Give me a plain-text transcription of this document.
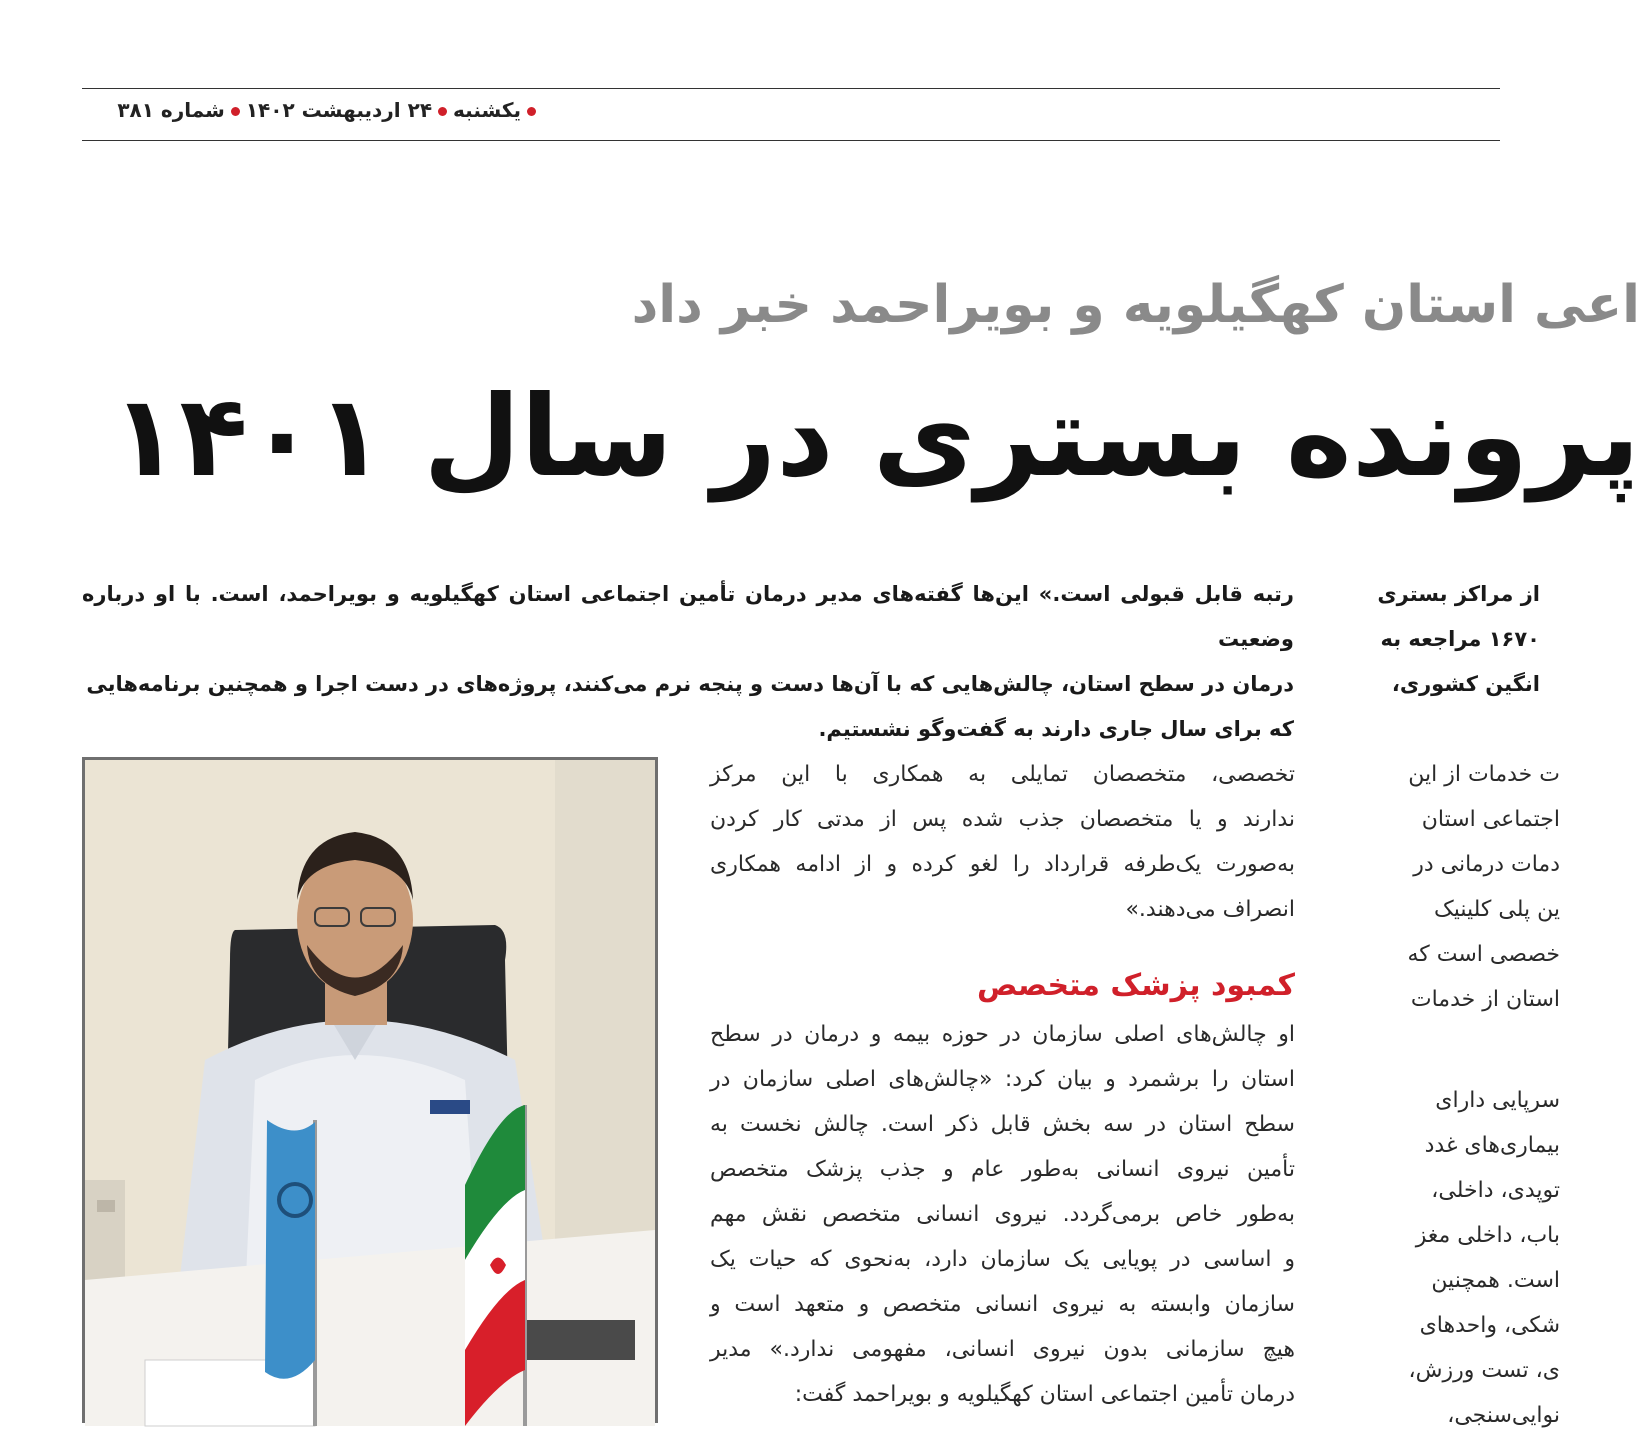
یکشنبه۲۴ اردیبهشت ۱۴۰۲شماره ۳۸۱
اعی استان کهگیلویه و بویراحمد خبر داد
پرونده بستری در سال ۱۴۰۱

رتبه قابل قبولی است.» این‌ها گفته‌های مدیر درمان تأمین اجتماعی استان کهگیلویه و بویراحمد، است. با او درباره وضعیت

درمان در سطح استان، چالش‌هایی که با آن‌ها دست و پنجه نرم می‌کنند، پروژه‌های در دست اجرا و همچنین برنامه‌هایی

که برای سال جاری دارند به گفت‌وگو نشستیم.

از مراکز بستری
۱۶۷۰ مراجعه به
انگین کشوری،
تخصصی، متخصصان تمایلی به همکاری با این مرکز
ندارند و یا متخصصان جذب شده پس از مدتی کار کردن
به‌صورت یک‌طرفه قرارداد را لغو کرده و از ادامه همکاری
انصراف می‌دهند.»
کمبود پزشک متخصص
او چالش‌های اصلی سازمان در حوزه بیمه و درمان در سطح
استان را برشمرد و بیان کرد: «چالش‌های اصلی سازمان در
سطح استان در سه بخش قابل ذکر است. چالش نخست به
تأمین نیروی انسانی به‌طور عام و جذب پزشک متخصص
به‌طور خاص برمی‌گردد. نیروی انسانی متخصص نقش مهم
و اساسی در پویایی یک سازمان دارد، به‌نحوی که حیات یک
سازمان وابسته به نیروی انسانی متخصص و متعهد است و
هیچ سازمانی بدون نیروی انسانی، مفهومی ندارد.» مدیر
درمان تأمین اجتماعی استان کهگیلویه و بویراحمد گفت:
ت خدمات از این
اجتماعی استان
دمات درمانی در
ین پلی کلینیک
خصصی است که
استان از خدمات
سرپایی دارای
بیماری‌های غدد
توپدی، داخلی،
باب، داخلی مغز
است. همچنین
شکی، واحدهای
ی، تست ورزش،
نوایی‌سنجی،
